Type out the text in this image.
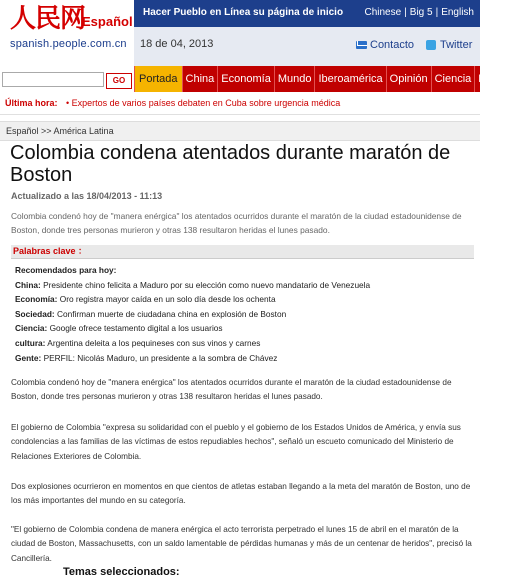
人民网
Español
spanish.people.com.cn
Hacer Pueblo en Línea su página de inicio Chinese | Big 5 | English
18 de 04, 2013	Contacto Twitter
GO	Portada China Economía Mundo Iberoamérica Opinión Ciencia Deportes
Última hora: • Expertos de varios países debaten en Cuba sobre urgencia médica
Español >> América Latina
Colombia condena atentados durante maratón de Boston
Actualizado a las 18/04/2013 - 11:13

Colombia condenó hoy de "manera enérgica" los atentados ocurridos durante el maratón de la ciudad estadounidense de Boston, donde tres personas murieron y otras 138 resultaron heridas el lunes pasado.

Palabras clave ：
Recomendados para hoy:
China: Presidente chino felicita a Maduro por su elección como nuevo mandatario de Venezuela
Economía: Oro registra mayor caída en un solo día desde los ochenta
Sociedad: Confirman muerte de ciudadana china en explosión de Boston
Ciencia: Google ofrece testamento digital a los usuarios
cultura: Argentina deleita a los pequineses con sus vinos y carnes
Gente: PERFIL: Nicolás Maduro, un presidente a la sombra de Chávez

Colombia condenó hoy de "manera enérgica" los atentados ocurridos durante el maratón de la ciudad estadounidense de Boston, donde tres personas murieron y otras 138 resultaron heridas el lunes pasado.

El gobierno de Colombia "expresa su solidaridad con el pueblo y el gobierno de los Estados Unidos de América, y envía sus condolencias a las familias de las víctimas de estos repudiables hechos", señaló un escueto comunicado del Ministerio de Relaciones Exteriores de Colombia.

Dos explosiones ocurrieron en momentos en que cientos de atletas estaban llegando a la meta del maratón de Boston, uno de los más importantes del mundo en su categoría.

"El gobierno de Colombia condena de manera enérgica el acto terrorista perpetrado el lunes 15 de abril en el maratón de la ciudad de Boston, Massachusetts, con un saldo lamentable de pérdidas humanas y más de un centenar de heridos", precisó la Cancillería.

Temas seleccionados:
